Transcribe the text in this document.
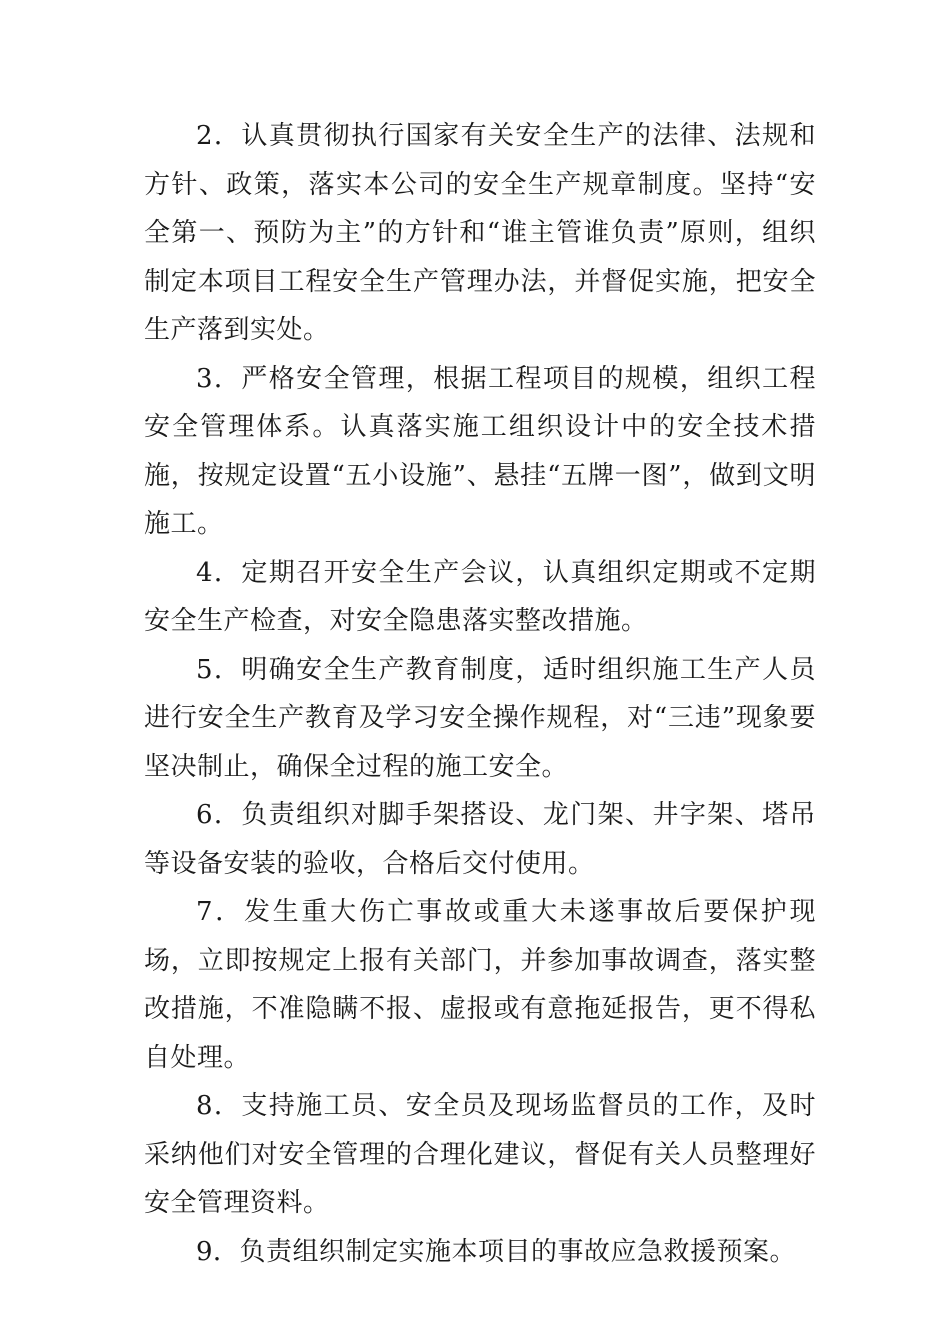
2．认真贯彻执行国家有关安全生产的法律、法规和方针、政策，落实本公司的安全生产规章制度。坚持“安全第一、预防为主”的方针和“谁主管谁负责”原则，组织制定本项目工程安全生产管理办法，并督促实施，把安全生产落到实处。

3．严格安全管理，根据工程项目的规模，组织工程安全管理体系。认真落实施工组织设计中的安全技术措施，按规定设置“五小设施”、悬挂“五牌一图”，做到文明施工。

4．定期召开安全生产会议，认真组织定期或不定期安全生产检查，对安全隐患落实整改措施。

5．明确安全生产教育制度，适时组织施工生产人员进行安全生产教育及学习安全操作规程，对“三违”现象要坚决制止，确保全过程的施工安全。

6．负责组织对脚手架搭设、龙门架、井字架、塔吊等设备安装的验收，合格后交付使用。

7．发生重大伤亡事故或重大未遂事故后要保护现场，立即按规定上报有关部门，并参加事故调查，落实整改措施，不准隐瞒不报、虚报或有意拖延报告，更不得私自处理。

8．支持施工员、安全员及现场监督员的工作，及时采纳他们对安全管理的合理化建议，督促有关人员整理好安全管理资料。

9．负责组织制定实施本项目的事故应急救援预案。
